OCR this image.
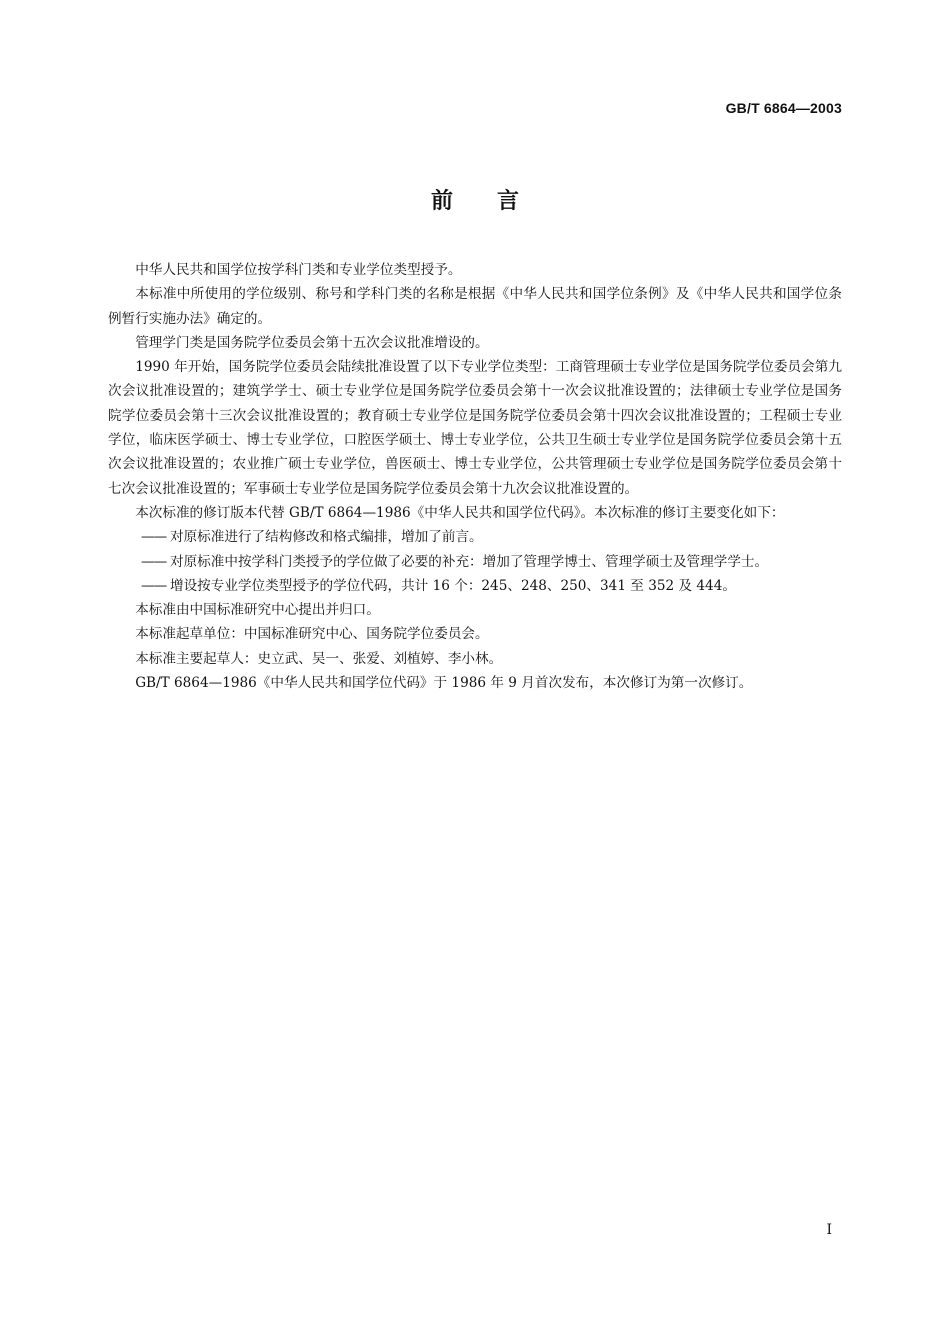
GB/T 6864—2003
前言

中华人民共和国学位按学科门类和专业学位类型授予。

本标准中所使用的学位级别、称号和学科门类的名称是根据《中华人民共和国学位条例》及《中华人民共和国学位条例暂行实施办法》确定的。

管理学门类是国务院学位委员会第十五次会议批准增设的。

1990 年开始，国务院学位委员会陆续批准设置了以下专业学位类型：工商管理硕士专业学位是国务院学位委员会第九次会议批准设置的；建筑学学士、硕士专业学位是国务院学位委员会第十一次会议批准设置的；法律硕士专业学位是国务院学位委员会第十三次会议批准设置的；教育硕士专业学位是国务院学位委员会第十四次会议批准设置的；工程硕士专业学位，临床医学硕士、博士专业学位，口腔医学硕士、博士专业学位，公共卫生硕士专业学位是国务院学位委员会第十五次会议批准设置的；农业推广硕士专业学位，兽医硕士、博士专业学位，公共管理硕士专业学位是国务院学位委员会第十七次会议批准设置的；军事硕士专业学位是国务院学位委员会第十九次会议批准设置的。

本次标准的修订版本代替 GB/T 6864—1986《中华人民共和国学位代码》。本次标准的修订主要变化如下：

—— 对原标准进行了结构修改和格式编排，增加了前言。

—— 对原标准中按学科门类授予的学位做了必要的补充：增加了管理学博士、管理学硕士及管理学学士。

—— 增设按专业学位类型授予的学位代码，共计 16 个：245、248、250、341 至 352 及 444。

本标准由中国标准研究中心提出并归口。

本标准起草单位：中国标准研究中心、国务院学位委员会。

本标准主要起草人：史立武、吴一、张爱、刘植婷、李小林。

GB/T 6864—1986《中华人民共和国学位代码》于 1986 年 9 月首次发布，本次修订为第一次修订。

I
